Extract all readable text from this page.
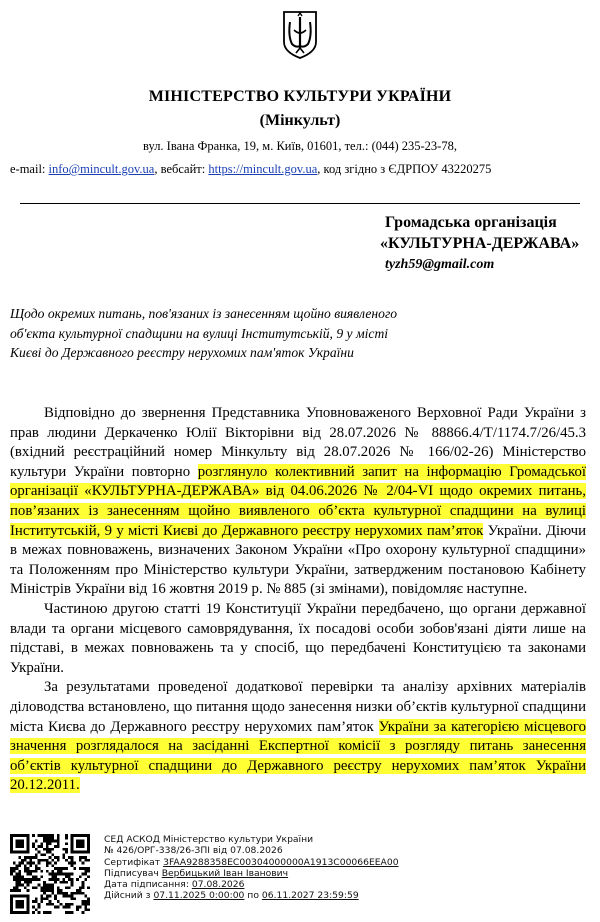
МІНІСТЕРСТВО КУЛЬТУРИ УКРАЇНИ
(Мінкульт)
вул. Івана Франка, 19, м. Київ, 01601, тел.: (044) 235-23-78,
e-mail: info@mincult.gov.ua, вебсайт: https://mincult.gov.ua, код згідно з ЄДРПОУ 43220275
Громадська організація
«КУЛЬТУРНА-ДЕРЖАВА»
tyzh59@gmail.com
Щодо окремих питань, пов'язаних із занесенням щойно виявленого об'єкта культурної спадщини на вулиці Інститутській, 9 у місті Києві до Державного реєстру нерухомих пам'яток України

Відповідно до звернення Представника Уповноваженого Верховної Ради України з прав людини Деркаченко Юлії Вікторівни від 28.07.2026 № 88866.4/Т/1174.7/26/45.3 (вхідний реєстраційний номер Мінкульту від 28.07.2026 № 166/02-26) Міністерство культури України повторно розглянуло колективний запит на інформацію Громадської організації «КУЛЬТУРНА-ДЕРЖАВА» від 04.06.2026 № 2/04-VI щодо окремих питань, пов’язаних із занесенням щойно виявленого об’єкта культурної спадщини на вулиці Інститутській, 9 у місті Києві до Державного реєстру нерухомих пам’яток України. Діючи в межах повноважень, визначених Законом України «Про охорону культурної спадщини» та Положенням про Міністерство культури України, затвердженим постановою Кабінету Міністрів України від 16 жовтня 2019 р. № 885 (зі змінами), повідомляє наступне.

Частиною другою статті 19 Конституції України передбачено, що органи державної влади та органи місцевого самоврядування, їх посадові особи зобов'язані діяти лише на підставі, в межах повноважень та у спосіб, що передбачені Конституцією та законами України.

За результатами проведеної додаткової перевірки та аналізу архівних матеріалів діловодства встановлено, що питання щодо занесення низки об’єктів культурної спадщини міста Києва до Державного реєстру нерухомих пам’яток України за категорією місцевого значення розглядалося на засіданні Експертної комісії з розгляду питань занесення об’єктів культурної спадщини до Державного реєстру нерухомих пам’яток України 20.12.2011.

СЕД АСКОД Міністерство культури України
№ 426/ОРГ-338/26-ЗПІ від 07.08.2026
Сертифікат 3FAA9288358EC00304000000A1913C00066EEA00
Підписувач Вербицький Іван Іванович
Дата підписання: 07.08.2026
Дійсний з 07.11.2025 0:00:00 по 06.11.2027 23:59:59
